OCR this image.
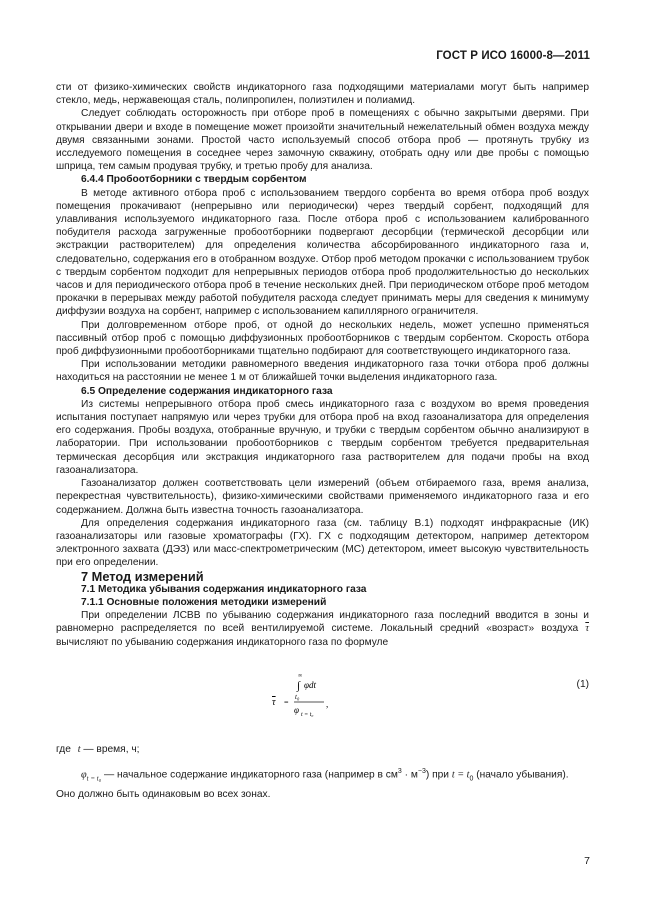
ГОСТ Р ИСО 16000-8—2011

сти от физико-химических свойств индикаторного газа подходящими материалами могут быть например стекло, медь, нержавеющая сталь, полипропилен, полиэтилен и полиамид.

Следует соблюдать осторожность при отборе проб в помещениях с обычно закрытыми дверями. При открывании двери и входе в помещение может произойти значительный нежелательный обмен воздуха между двумя связанными зонами. Простой часто используемый способ отбора проб — протянуть трубку из исследуемого помещения в соседнее через замочную скважину, отобрать одну или две пробы с помощью шприца, тем самым продувая трубку, и третью пробу для анализа.

6.4.4 Пробоотборники с твердым сорбентом

В методе активного отбора проб с использованием твердого сорбента во время отбора проб воздух помещения прокачивают (непрерывно или периодически) через твердый сорбент, подходящий для улавливания используемого индикаторного газа. После отбора проб с использованием калиброванного побудителя расхода загруженные пробоотборники подвергают десорбции (термической десорбции или экстракции растворителем) для определения количества абсорбированного индикаторного газа и, следовательно, содержания его в отобранном воздухе. Отбор проб методом прокачки с использованием трубок с твердым сорбентом подходит для непрерывных периодов отбора проб продолжительностью до нескольких часов и для периодического отбора проб в течение нескольких дней. При периодическом отборе проб методом прокачки в перерывах между работой побудителя расхода следует принимать меры для сведения к минимуму диффузии воздуха на сорбент, например с использованием капиллярного ограничителя.

При долговременном отборе проб, от одной до нескольких недель, может успешно применяться пассивный отбор проб с помощью диффузионных пробоотборников с твердым сорбентом. Скорость отбора проб диффузионными пробоотборниками тщательно подбирают для соответствующего индикаторного газа.

При использовании методики равномерного введения индикаторного газа точки отбора проб должны находиться на расстоянии не менее 1 м от ближайшей точки выделения индикаторного газа.

6.5 Определение содержания индикаторного газа

Из системы непрерывного отбора проб смесь индикаторного газа с воздухом во время проведения испытания поступает напрямую или через трубки для отбора проб на вход газоанализатора для определения его содержания. Пробы воздуха, отобранные вручную, и трубки с твердым сорбентом обычно анализируют в лаборатории. При использовании пробоотборников с твердым сорбентом требуется предварительная термическая десорбция или экстракция индикаторного газа растворителем для подачи пробы на вход газоанализатора.

Газоанализатор должен соответствовать цели измерений (объем отбираемого газа, время анализа, перекрестная чувствительность), физико-химическими свойствами применяемого индикаторного газа и его содержанием. Должна быть известна точность газоанализатора.

Для определения содержания индикаторного газа (см. таблицу В.1) подходят инфракрасные (ИК) газоанализаторы или газовые хроматографы (ГХ). ГХ с подходящим детектором, например детектором электронного захвата (ДЭЗ) или масс-спектрометрическим (МС) детектором, имеет высокую чувствительность при его определении.

7 Метод измерений

7.1 Методика убывания содержания индикаторного газа

7.1.1 Основные положения методики измерений

При определении ЛСВВ по убыванию содержания индикаторного газа последний вводится в зоны и равномерно распределяется по всей вентилируемой системе. Локальный средний «возраст» воздуха $\overline{\tau}$ вычисляют по убыванию содержания индикаторного газа по формуле

τ =
∞
∫ φdt
t₀
φ t = t₀
,
(1)

где t — время, ч;

$\varphi_{t = t_0}$ — начальное содержание индикаторного газа (например в $см^3 \cdot м^{-3}$) при $t = t_0$ (начало убывания).

Оно должно быть одинаковым во всех зонах.

7
